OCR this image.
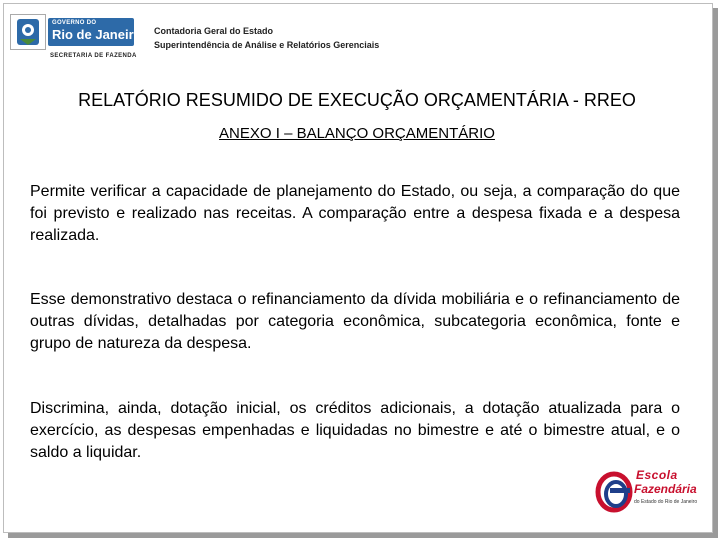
GOVERNO DO
Rio de Janeiro
SECRETARIA DE FAZENDA
Contadoria Geral do Estado
Superintendência de Análise e Relatórios Gerenciais
RELATÓRIO RESUMIDO DE EXECUÇÃO ORÇAMENTÁRIA - RREO
ANEXO I – BALANÇO ORÇAMENTÁRIO
Permite verificar a capacidade de planejamento do Estado, ou seja, a comparação do que foi previsto e realizado nas receitas. A comparação entre a despesa fixada e a despesa realizada.
Esse demonstrativo destaca o refinanciamento da dívida mobiliária e o refinanciamento de outras dívidas, detalhadas por categoria econômica, subcategoria econômica, fonte e grupo de natureza da despesa.
Discrimina, ainda, dotação inicial, os créditos adicionais, a dotação atualizada para o exercício, as despesas empenhadas e liquidadas no bimestre e até o bimestre atual, e o saldo a liquidar.
Escola
Fazendária
do Estado do Rio de Janeiro
